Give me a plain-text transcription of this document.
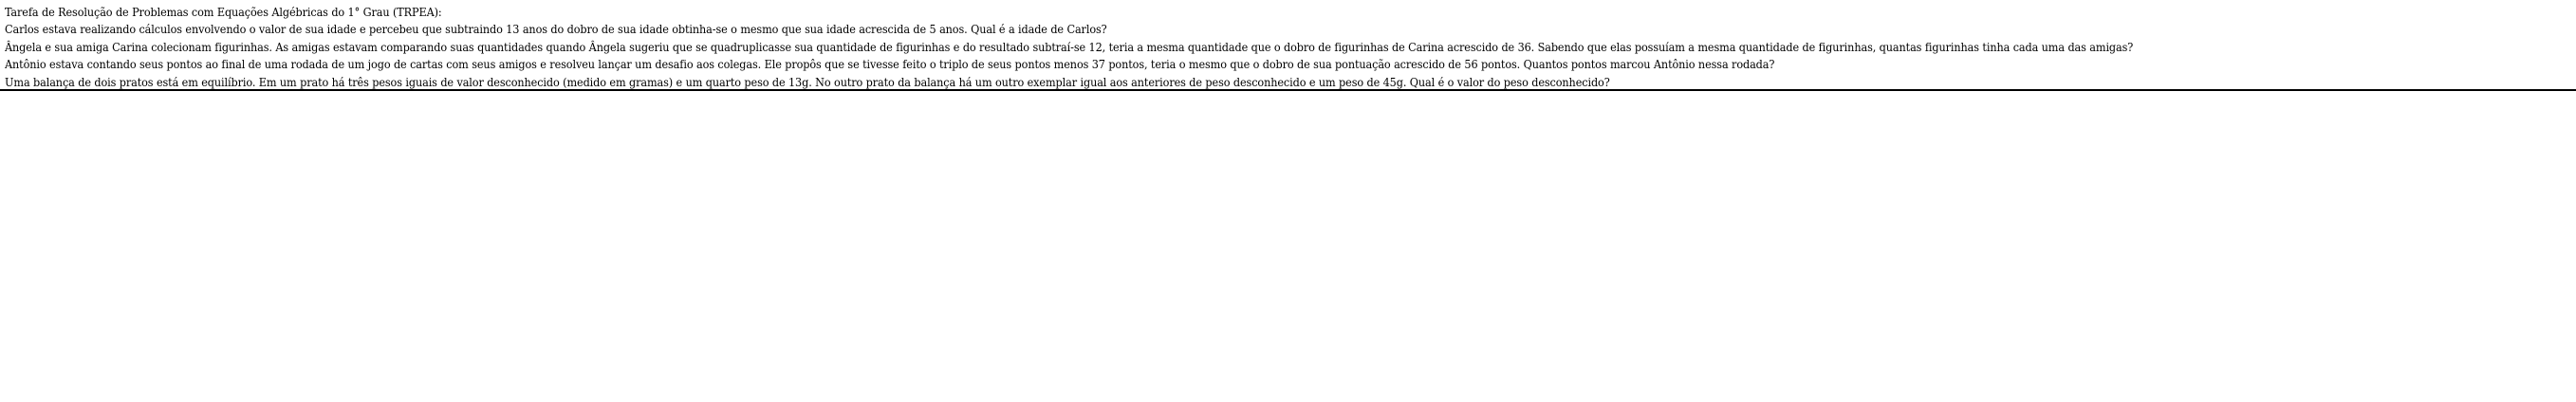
Tarefa de Resolução de Problemas com Equações Algébricas do 1° Grau (TRPEA):
Carlos estava realizando cálculos envolvendo o valor de sua idade e percebeu que subtraindo 13 anos do dobro de sua idade obtinha-se o mesmo que sua idade acrescida de 5 anos. Qual é a idade de Carlos?
Ângela e sua amiga Carina colecionam figurinhas. As amigas estavam comparando suas quantidades quando Ângela sugeriu que se quadruplicasse sua quantidade de figurinhas e do resultado subtraí-se 12, teria a mesma quantidade que o dobro de figurinhas de Carina acrescido de 36. Sabendo que elas possuíam a mesma quantidade de figurinhas, quantas figurinhas tinha cada uma das amigas?
Antônio estava contando seus pontos ao final de uma rodada de um jogo de cartas com seus amigos e resolveu lançar um desafio aos colegas. Ele propôs que se tivesse feito o triplo de seus pontos menos 37 pontos, teria o mesmo que o dobro de sua pontuação acrescido de 56 pontos. Quantos pontos marcou Antônio nessa rodada?
Uma balança de dois pratos está em equilíbrio. Em um prato há três pesos iguais de valor desconhecido (medido em gramas) e um quarto peso de 13g. No outro prato da balança há um outro exemplar igual aos anteriores de peso desconhecido e um peso de 45g. Qual é o valor do peso desconhecido?
